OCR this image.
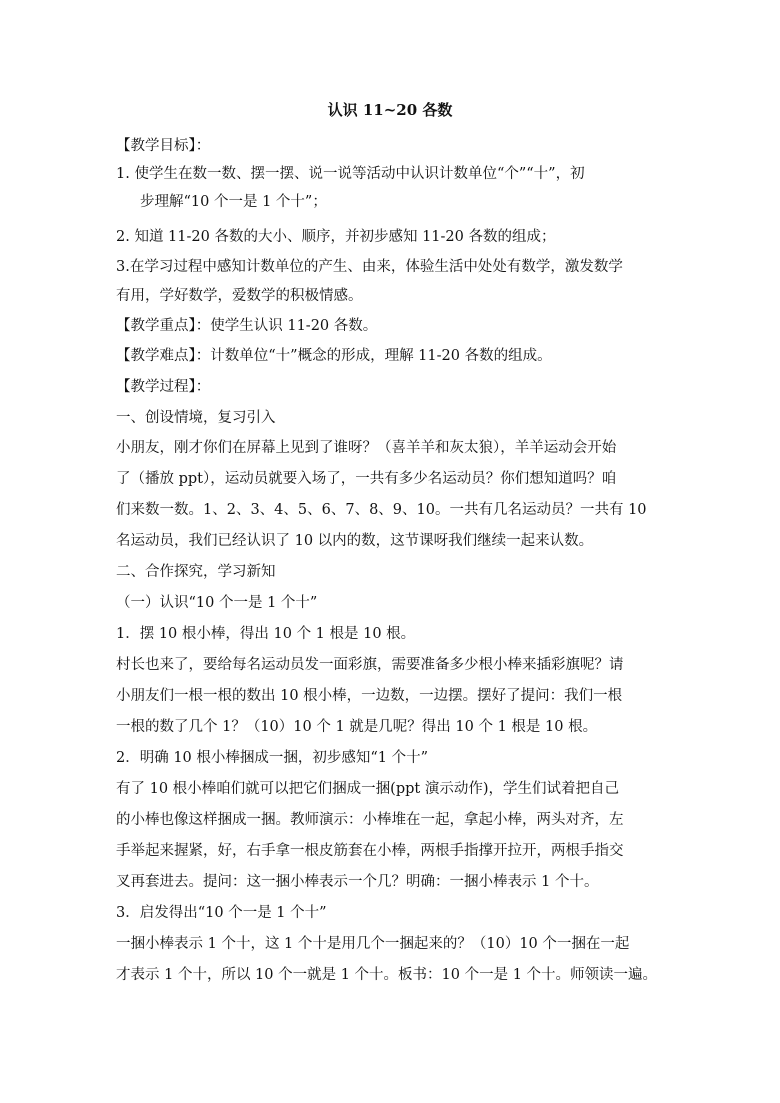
认识 11~20 各数
【教学目标】：
1. 使学生在数一数、摆一摆、说一说等活动中认识计数单位“个”“十”，初
步理解“10 个一是 1 个十”；
2. 知道 11-20 各数的大小、顺序，并初步感知 11-20 各数的组成；
3.在学习过程中感知计数单位的产生、由来，体验生活中处处有数学，激发数学
有用，学好数学，爱数学的积极情感。
【教学重点】：使学生认识 11-20 各数。
【教学难点】：计数单位“十”概念的形成，理解 11-20 各数的组成。
【教学过程】：
一、创设情境，复习引入
小朋友，刚才你们在屏幕上见到了谁呀？（喜羊羊和灰太狼），羊羊运动会开始
了（播放 ppt），运动员就要入场了，一共有多少名运动员？你们想知道吗？咱
们来数一数。1、2、3、4、5、6、7、8、9、10。一共有几名运动员？一共有 10
名运动员，我们已经认识了 10 以内的数，这节课呀我们继续一起来认数。
二、合作探究，学习新知
（一）认识“10 个一是 1 个十”
1．摆 10 根小棒，得出 10 个 1 根是 10 根。
村长也来了，要给每名运动员发一面彩旗，需要准备多少根小棒来插彩旗呢？请
小朋友们一根一根的数出 10 根小棒，一边数，一边摆。摆好了提问：我们一根
一根的数了几个 1？（10）10 个 1 就是几呢？得出 10 个 1 根是 10 根。
2．明确 10 根小棒捆成一捆，初步感知“1 个十”
有了 10 根小棒咱们就可以把它们捆成一捆(ppt 演示动作)，学生们试着把自己
的小棒也像这样捆成一捆。教师演示：小棒堆在一起，拿起小棒，两头对齐，左
手举起来握紧，好，右手拿一根皮筋套在小棒，两根手指撑开拉开，两根手指交
叉再套进去。提问：这一捆小棒表示一个几？明确：一捆小棒表示 1 个十。
3．启发得出“10 个一是 1 个十”
一捆小棒表示 1 个十，这 1 个十是用几个一捆起来的？（10）10 个一捆在一起
才表示 1 个十，所以 10 个一就是 1 个十。板书：10 个一是 1 个十。师领读一遍。
